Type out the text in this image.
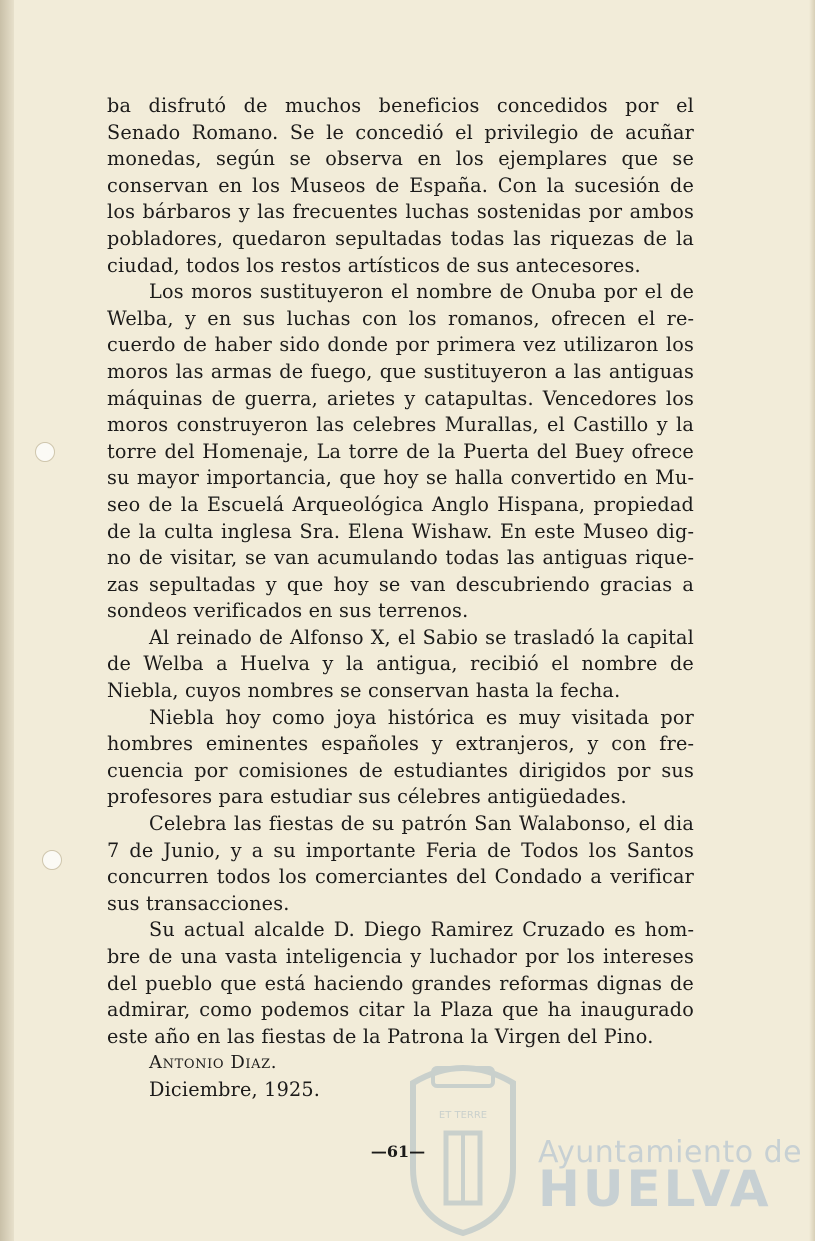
ET TERRE
Ayuntamiento de
HUELVA

ba disfrutó de muchos beneficios concedidos por el Senado Romano. Se le concedió el privilegio de acuñar monedas, según se observa en los ejemplares que se conservan en los Museos de España. Con la sucesión de los bárbaros y las frecuentes luchas sostenidas por ambos pobladores, quedaron sepultadas todas las riquezas de la ciudad, todos los restos artísticos de sus antecesores.

Los moros sustituyeron el nombre de Onuba por el de Welba, y en sus luchas con los romanos, ofrecen el recuerdo de haber sido donde por primera vez utilizaron los moros las armas de fuego, que sustituyeron a las antiguas máquinas de guerra, arietes y catapultas. Vencedores los moros construyeron las celebres Murallas, el Castillo y la torre del Homenaje, La torre de la Puerta del Buey ofrece su mayor importancia, que hoy se halla convertido en Museo de la Escuelá Arqueológica Anglo Hispana, propiedad de la culta inglesa Sra. Elena Wishaw. En este Museo digno de visitar, se van acumulando todas las antiguas riquezas sepultadas y que hoy se van descubriendo gracias a sondeos verificados en sus terrenos.

Al reinado de Alfonso X, el Sabio se trasladó la capital de Welba a Huelva y la antigua, recibió el nombre de Niebla, cuyos nombres se conservan hasta la fecha.

Niebla hoy como joya histórica es muy visitada por hombres eminentes españoles y extranjeros, y con frecuencia por comisiones de estudiantes dirigidos por sus profesores para estudiar sus célebres antigüedades.

Celebra las fiestas de su patrón San Walabonso, el dia 7 de Junio, y a su importante Feria de Todos los Santos concurren todos los comerciantes del Condado a verificar sus transacciones.

Su actual alcalde D. Diego Ramirez Cruzado es hombre de una vasta inteligencia y luchador por los intereses del pueblo que está haciendo grandes reformas dignas de admirar, como podemos citar la Plaza que ha inaugurado este año en las fiestas de la Patrona la Virgen del Pino.

Antonio Diaz.

Diciembre, 1925.

—61—
